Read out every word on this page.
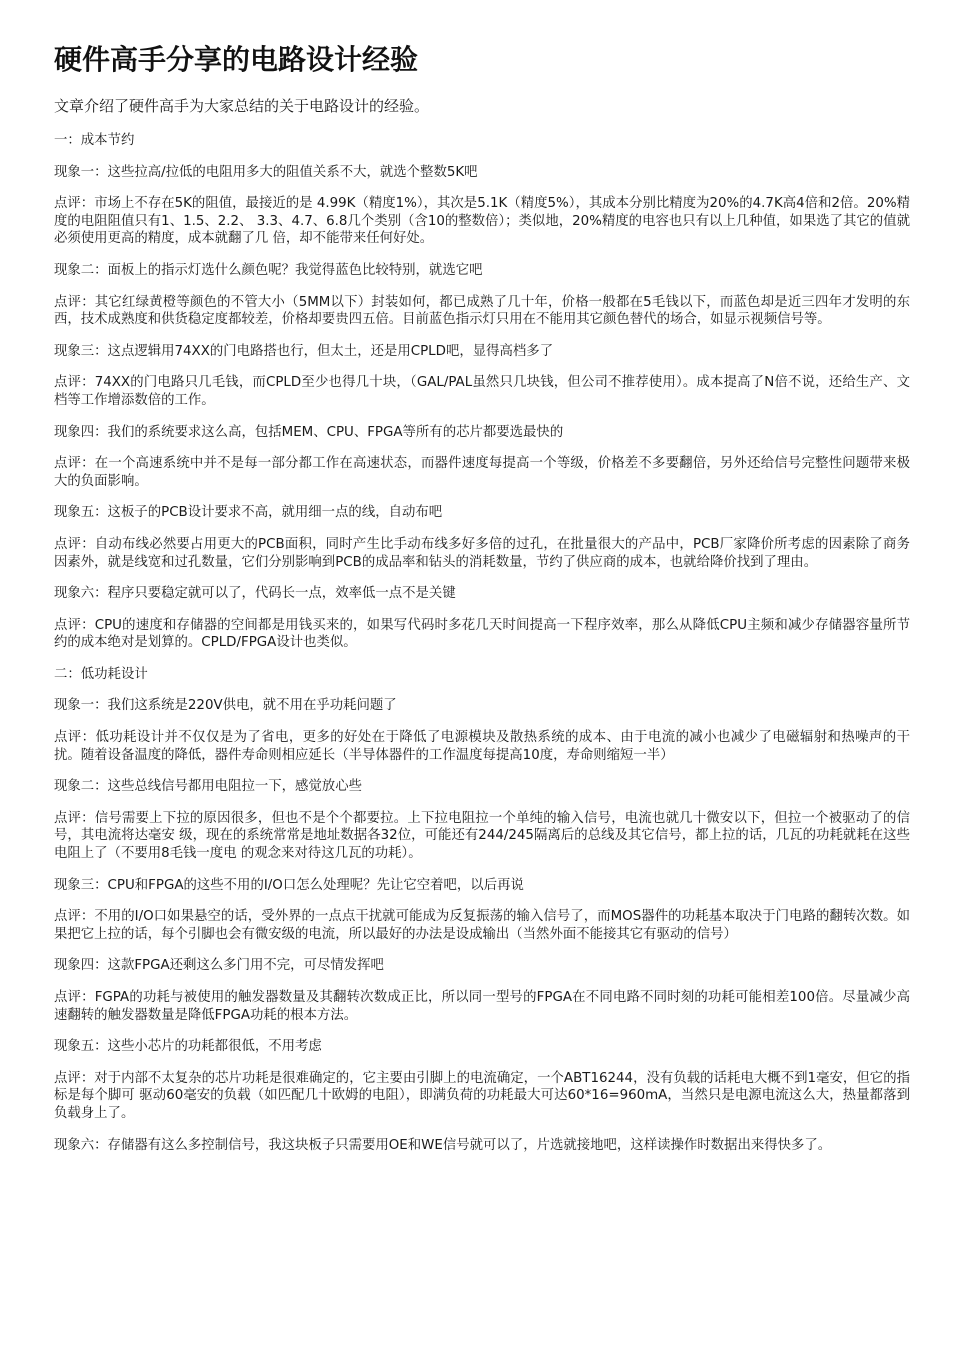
硬件高手分享的电路设计经验

文章介绍了硬件高手为大家总结的关于电路设计的经验。

一：成本节约

现象一：这些拉高/拉低的电阻用多大的阻值关系不大，就选个整数5K吧

点评：市场上不存在5K的阻值，最接近的是 4.99K（精度1%），其次是5.1K（精度5%），其成本分别比精度为20%的4.7K高4倍和2倍。20%精度的电阻阻值只有1、1.5、2.2、 3.3、4.7、6.8几个类别（含10的整数倍）；类似地，20%精度的电容也只有以上几种值，如果选了其它的值就必须使用更高的精度，成本就翻了几 倍，却不能带来任何好处。

现象二：面板上的指示灯选什么颜色呢？我觉得蓝色比较特别，就选它吧

点评：其它红绿黄橙等颜色的不管大小（5MM以下）封装如何，都已成熟了几十年，价格一般都在5毛钱以下，而蓝色却是近三四年才发明的东西，技术成熟度和供货稳定度都较差，价格却要贵四五倍。目前蓝色指示灯只用在不能用其它颜色替代的场合，如显示视频信号等。

现象三：这点逻辑用74XX的门电路搭也行，但太土，还是用CPLD吧，显得高档多了

点评：74XX的门电路只几毛钱，而CPLD至少也得几十块，（GAL/PAL虽然只几块钱，但公司不推荐使用）。成本提高了N倍不说，还给生产、文档等工作增添数倍的工作。

现象四：我们的系统要求这么高，包括MEM、CPU、FPGA等所有的芯片都要选最快的

点评：在一个高速系统中并不是每一部分都工作在高速状态，而器件速度每提高一个等级，价格差不多要翻倍，另外还给信号完整性问题带来极大的负面影响。

现象五：这板子的PCB设计要求不高，就用细一点的线，自动布吧

点评：自动布线必然要占用更大的PCB面积，同时产生比手动布线多好多倍的过孔，在批量很大的产品中，PCB厂家降价所考虑的因素除了商务因素外，就是线宽和过孔数量，它们分别影响到PCB的成品率和钻头的消耗数量，节约了供应商的成本，也就给降价找到了理由。

现象六：程序只要稳定就可以了，代码长一点，效率低一点不是关键

点评：CPU的速度和存储器的空间都是用钱买来的，如果写代码时多花几天时间提高一下程序效率，那么从降低CPU主频和减少存储器容量所节约的成本绝对是划算的。CPLD/FPGA设计也类似。

二：低功耗设计

现象一：我们这系统是220V供电，就不用在乎功耗问题了

点评：低功耗设计并不仅仅是为了省电，更多的好处在于降低了电源模块及散热系统的成本、由于电流的减小也减少了电磁辐射和热噪声的干扰。随着设备温度的降低，器件寿命则相应延长（半导体器件的工作温度每提高10度，寿命则缩短一半）

现象二：这些总线信号都用电阻拉一下，感觉放心些

点评：信号需要上下拉的原因很多，但也不是个个都要拉。上下拉电阻拉一个单纯的输入信号，电流也就几十微安以下，但拉一个被驱动了的信号，其电流将达毫安 级，现在的系统常常是地址数据各32位，可能还有244/245隔离后的总线及其它信号，都上拉的话，几瓦的功耗就耗在这些电阻上了（不要用8毛钱一度电 的观念来对待这几瓦的功耗）。

现象三：CPU和FPGA的这些不用的I/O口怎么处理呢？先让它空着吧，以后再说

点评：不用的I/O口如果悬空的话，受外界的一点点干扰就可能成为反复振荡的输入信号了，而MOS器件的功耗基本取决于门电路的翻转次数。如果把它上拉的话，每个引脚也会有微安级的电流，所以最好的办法是设成输出（当然外面不能接其它有驱动的信号）

现象四：这款FPGA还剩这么多门用不完，可尽情发挥吧

点评：FGPA的功耗与被使用的触发器数量及其翻转次数成正比，所以同一型号的FPGA在不同电路不同时刻的功耗可能相差100倍。尽量减少高速翻转的触发器数量是降低FPGA功耗的根本方法。

现象五：这些小芯片的功耗都很低，不用考虑

点评：对于内部不太复杂的芯片功耗是很难确定的，它主要由引脚上的电流确定，一个ABT16244，没有负载的话耗电大概不到1毫安，但它的指标是每个脚可 驱动60毫安的负载（如匹配几十欧姆的电阻），即满负荷的功耗最大可达60*16=960mA，当然只是电源电流这么大，热量都落到负载身上了。

现象六：存储器有这么多控制信号，我这块板子只需要用OE和WE信号就可以了，片选就接地吧，这样读操作时数据出来得快多了。
